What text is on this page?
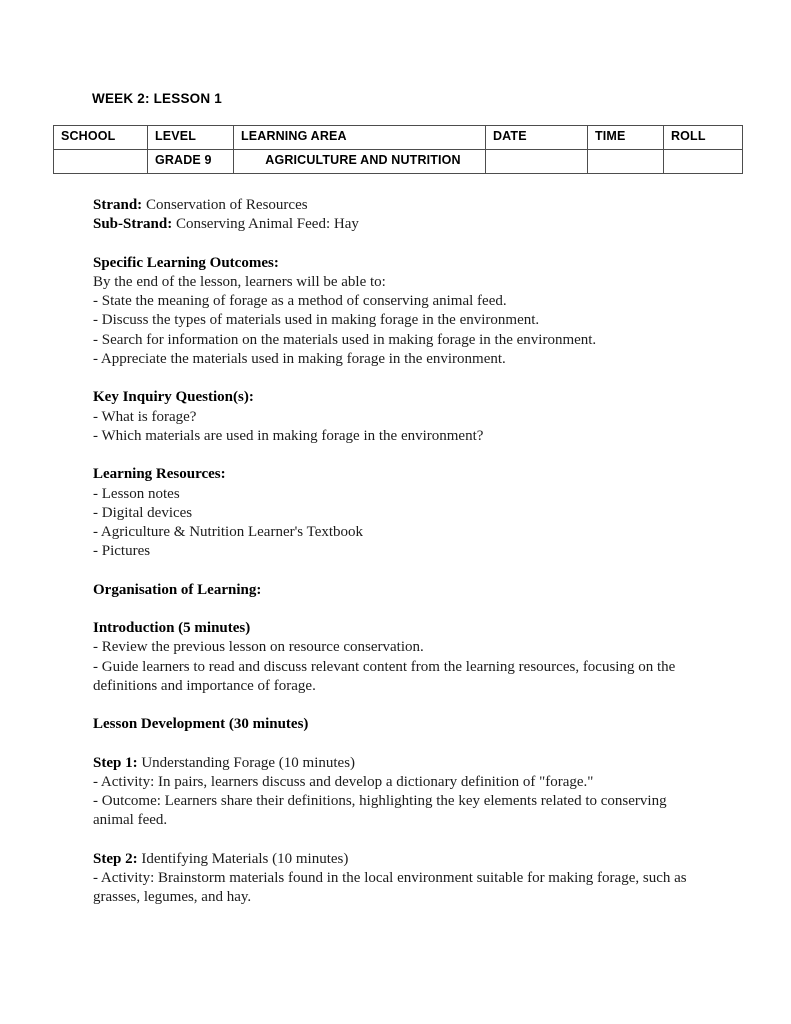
WEEK 2: LESSON 1
SCHOOL	LEVEL	LEARNING AREA	DATE	TIME	ROLL
	GRADE 9	AGRICULTURE AND NUTRITION			

Strand: Conservation of Resources

Sub-Strand: Conserving Animal Feed: Hay

Specific Learning Outcomes:

By the end of the lesson, learners will be able to:

- State the meaning of forage as a method of conserving animal feed.

- Discuss the types of materials used in making forage in the environment.

- Search for information on the materials used in making forage in the environment.

- Appreciate the materials used in making forage in the environment.

Key Inquiry Question(s):

- What is forage?

- Which materials are used in making forage in the environment?

Learning Resources:

- Lesson notes

- Digital devices

- Agriculture & Nutrition Learner's Textbook

- Pictures

Organisation of Learning:

Introduction (5 minutes)

- Review the previous lesson on resource conservation.

- Guide learners to read and discuss relevant content from the learning resources, focusing on the definitions and importance of forage.

Lesson Development (30 minutes)

Step 1: Understanding Forage (10 minutes)

- Activity: In pairs, learners discuss and develop a dictionary definition of "forage."

- Outcome: Learners share their definitions, highlighting the key elements related to conserving animal feed.

Step 2: Identifying Materials (10 minutes)

- Activity: Brainstorm materials found in the local environment suitable for making forage, such as grasses, legumes, and hay.
